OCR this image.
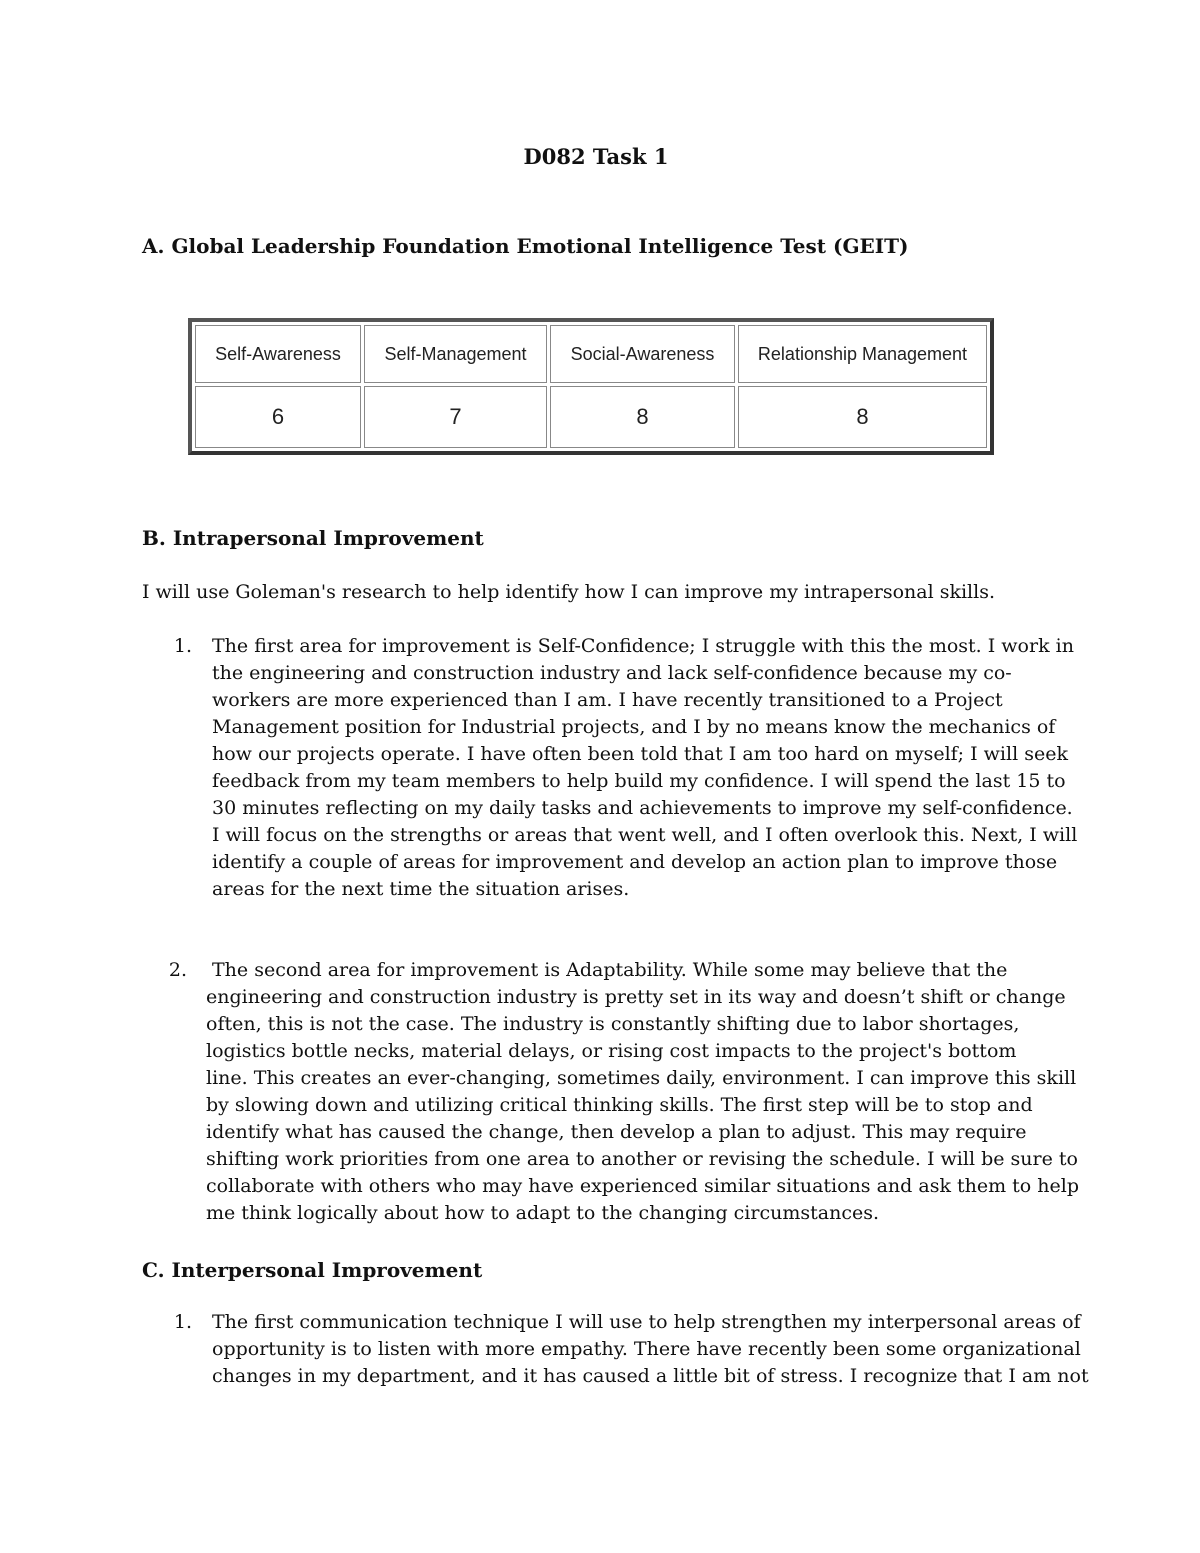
D082 Task 1
A. Global Leadership Foundation Emotional Intelligence Test (GEIT)
Self-Awareness	Self-Management	Social-Awareness	Relationship Management
6	7	8	8
B. Intrapersonal Improvement
I will use Goleman's research to help identify how I can improve my intrapersonal skills.
1. The first area for improvement is Self-Confidence; I struggle with this the most. I work in
the engineering and construction industry and lack self-confidence because my co-
workers are more experienced than I am. I have recently transitioned to a Project
Management position for Industrial projects, and I by no means know the mechanics of
how our projects operate. I have often been told that I am too hard on myself; I will seek
feedback from my team members to help build my confidence. I will spend the last 15 to
30 minutes reflecting on my daily tasks and achievements to improve my self-confidence.
I will focus on the strengths or areas that went well, and I often overlook this. Next, I will
identify a couple of areas for improvement and develop an action plan to improve those
areas for the next time the situation arises.
2. The second area for improvement is Adaptability. While some may believe that the
engineering and construction industry is pretty set in its way and doesn’t shift or change
often, this is not the case. The industry is constantly shifting due to labor shortages,
logistics bottle necks, material delays, or rising cost impacts to the project's bottom
line. This creates an ever-changing, sometimes daily, environment. I can improve this skill
by slowing down and utilizing critical thinking skills. The first step will be to stop and
identify what has caused the change, then develop a plan to adjust. This may require
shifting work priorities from one area to another or revising the schedule. I will be sure to
collaborate with others who may have experienced similar situations and ask them to help
me think logically about how to adapt to the changing circumstances.
C. Interpersonal Improvement
1. The first communication technique I will use to help strengthen my interpersonal areas of
opportunity is to listen with more empathy. There have recently been some organizational
changes in my department, and it has caused a little bit of stress. I recognize that I am not
